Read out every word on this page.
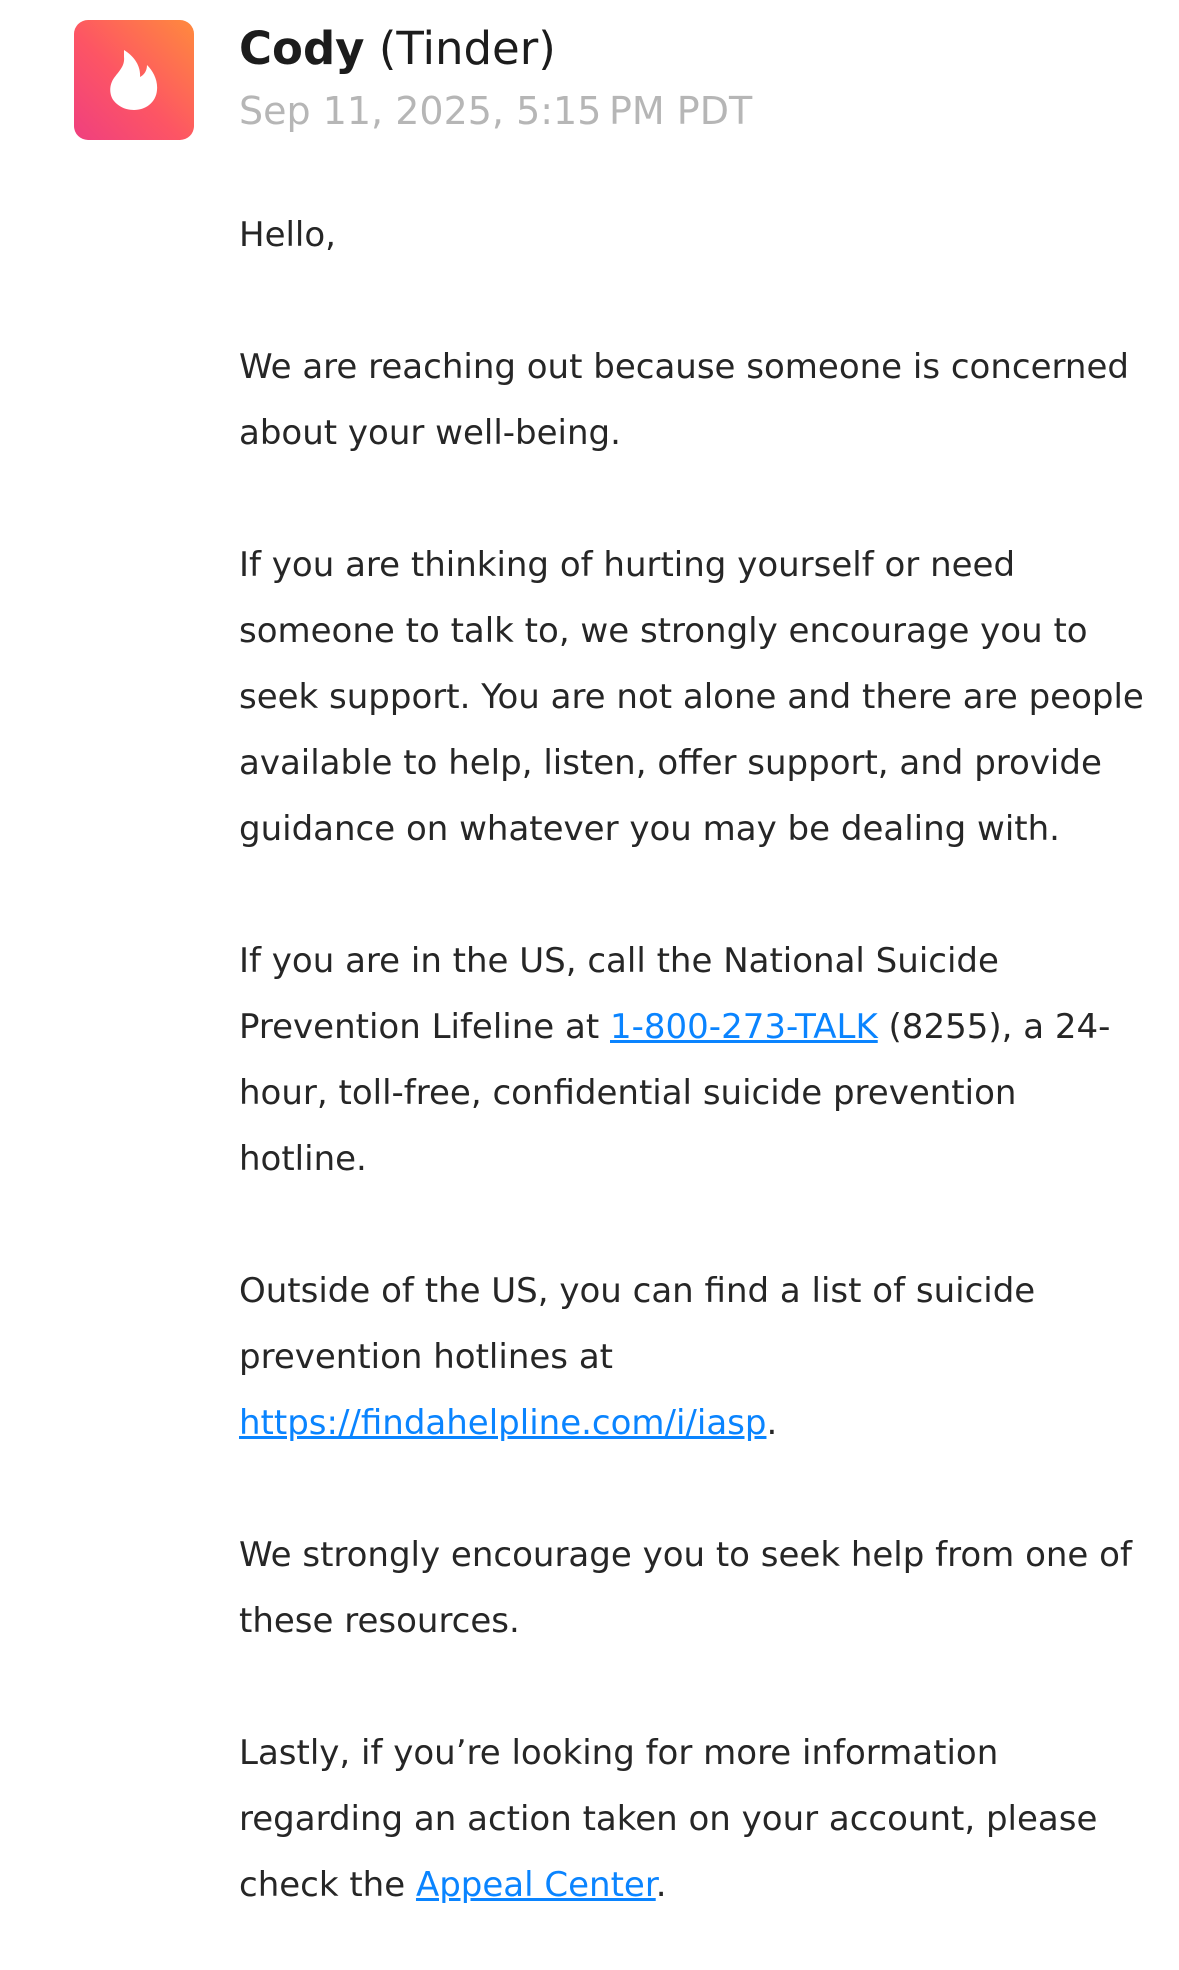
Cody (Tinder)
Sep 11, 2025, 5:15 PM PDT

Hello,

We are reaching out because someone is concerned about your well-being.

If you are thinking of hurting yourself or need someone to talk to, we strongly encourage you to seek support. You are not alone and there are people available to help, listen, offer support, and provide guidance on whatever you may be dealing with.

If you are in the US, call the National Suicide Prevention Lifeline at 1-800-273-TALK (8255), a 24-hour, toll-free, confidential suicide prevention hotline.

Outside of the US, you can find a list of suicide prevention hotlines at https://findahelpline.com/i/iasp.

We strongly encourage you to seek help from one of these resources.

Lastly, if you’re looking for more information regarding an action taken on your account, please check the Appeal Center.
